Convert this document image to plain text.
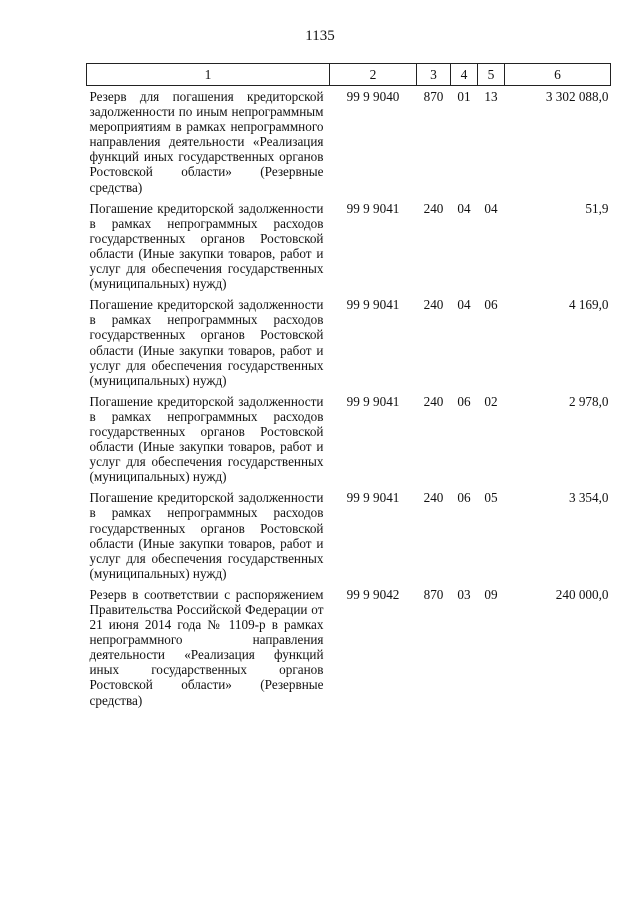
1135
1	2	3	4	5	6
Резерв для погашения кредиторской задолженности по иным непрограммным мероприятиям в рамках непрограммного направления деятельности «Реализация функций иных государственных органов Ростовской области» (Резервные средства)	99 9 9040	870	01	13	3 302 088,0
Погашение кредиторской задолженности в рамках непрограммных расходов государственных органов Ростовской области (Иные закупки товаров, работ и услуг для обеспечения государственных (муниципальных) нужд)	99 9 9041	240	04	04	51,9
Погашение кредиторской задолженности в рамках непрограммных расходов государственных органов Ростовской области (Иные закупки товаров, работ и услуг для обеспечения государственных (муниципальных) нужд)	99 9 9041	240	04	06	4 169,0
Погашение кредиторской задолженности в рамках непрограммных расходов государственных органов Ростовской области (Иные закупки товаров, работ и услуг для обеспечения государственных (муниципальных) нужд)	99 9 9041	240	06	02	2 978,0
Погашение кредиторской задолженности в рамках непрограммных расходов государственных органов Ростовской области (Иные закупки товаров, работ и услуг для обеспечения государственных (муниципальных) нужд)	99 9 9041	240	06	05	3 354,0
Резерв в соответствии с распоряжением Правительства Российской Федерации от 21 июня 2014 года № 1109-р в рамках непрограммного направления деятельности «Реализация функций иных государственных органов Ростовской области» (Резервные средства)	99 9 9042	870	03	09	240 000,0
